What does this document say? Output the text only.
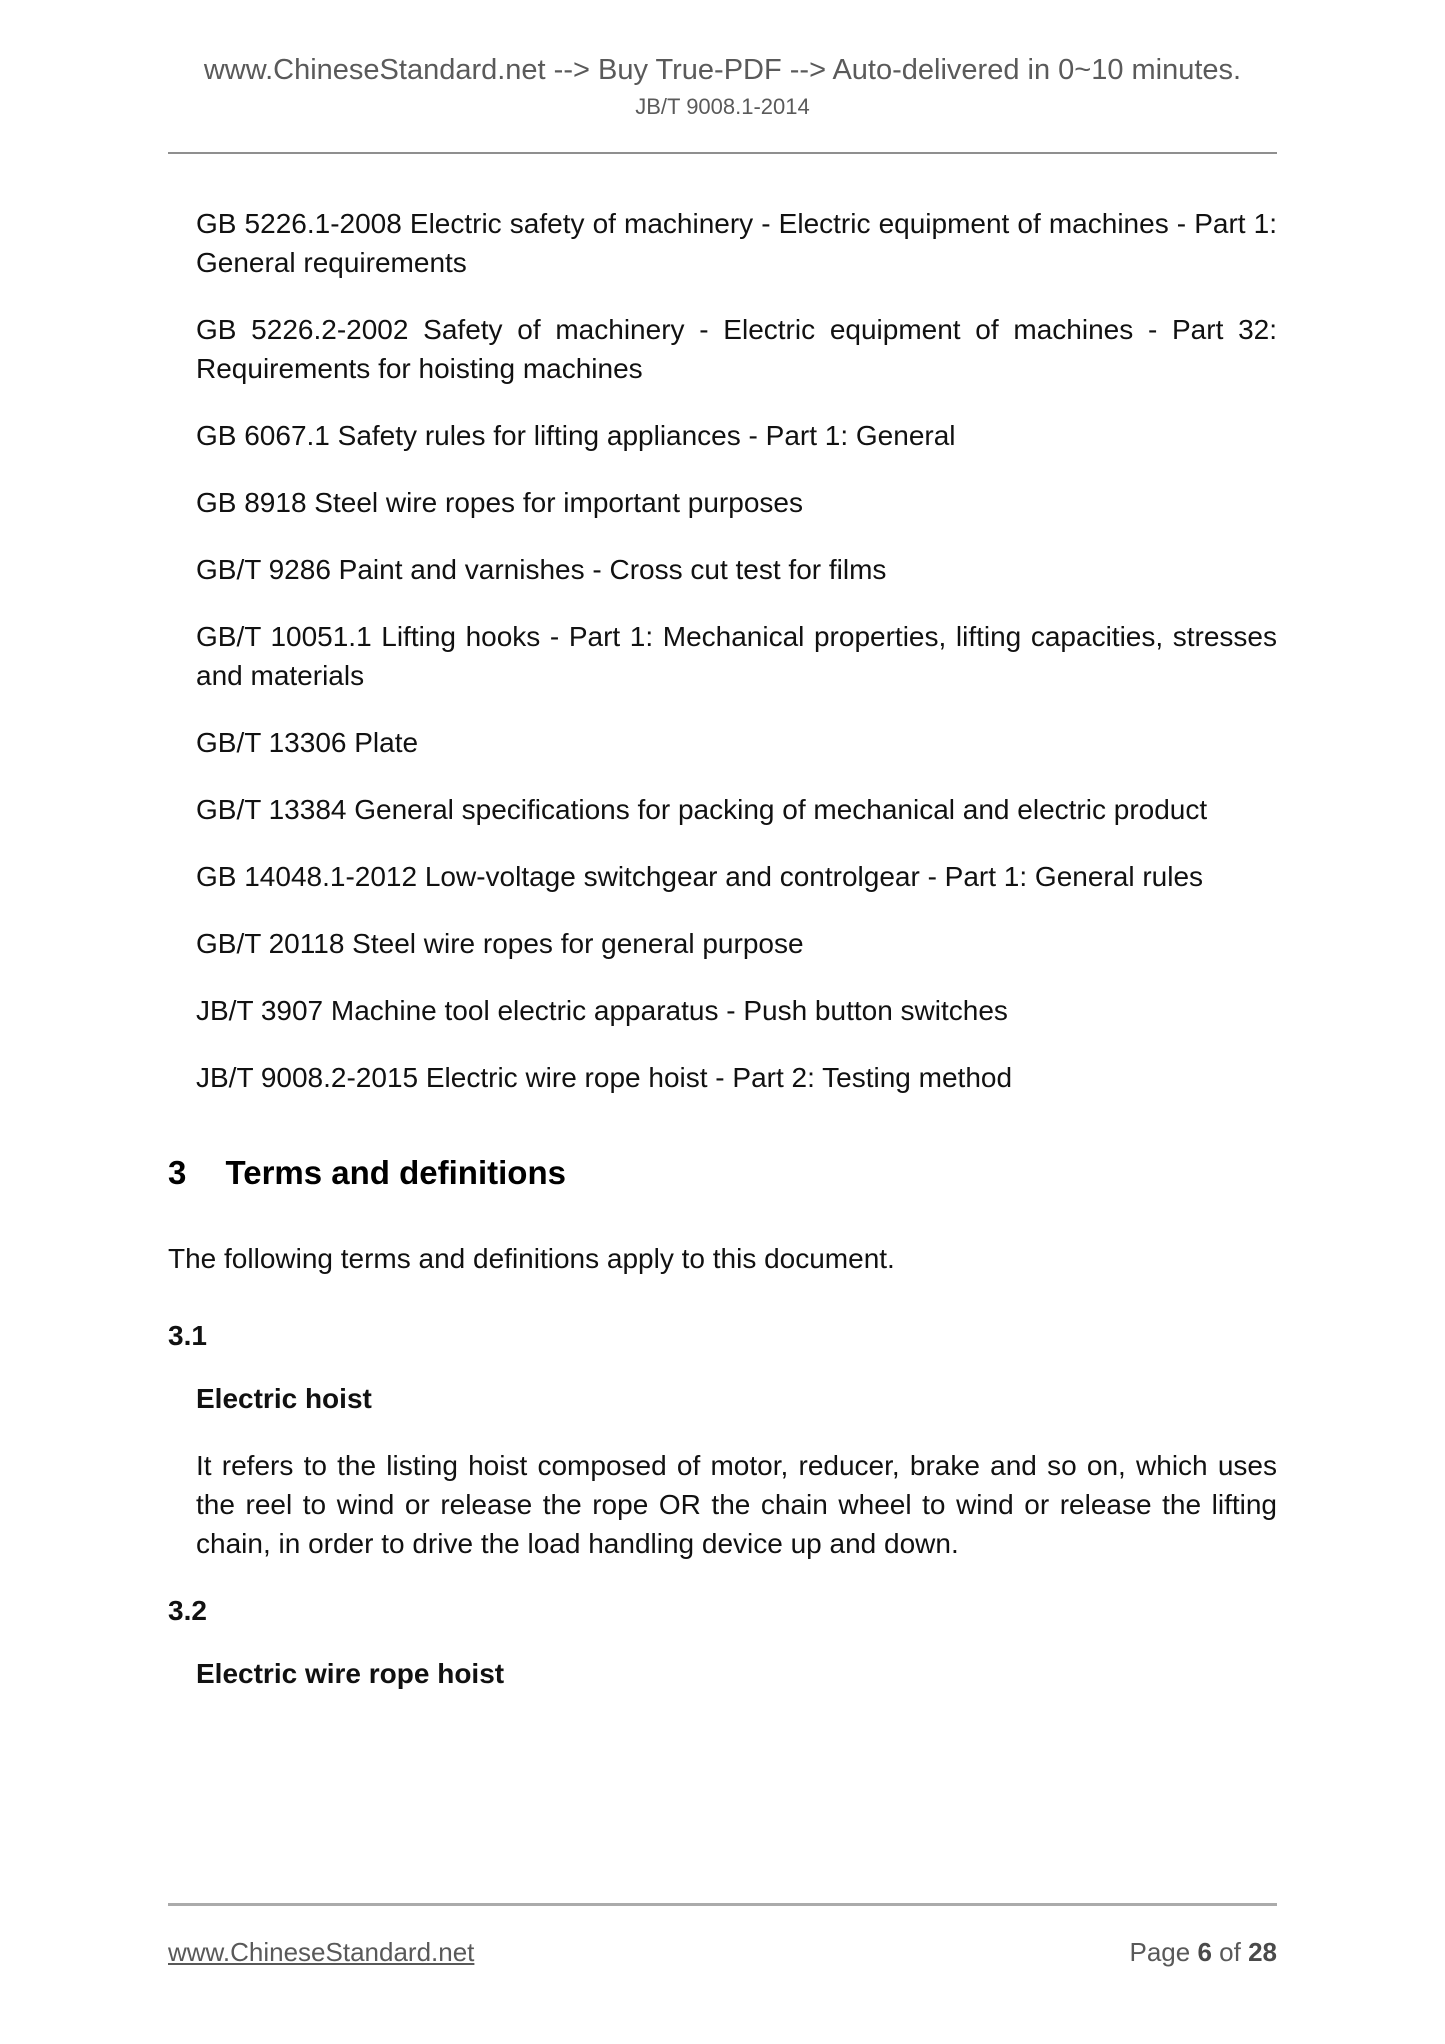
www.ChineseStandard.net --> Buy True-PDF --> Auto-delivered in 0~10 minutes.
JB/T 9008.1-2014

GB 5226.1-2008 Electric safety of machinery - Electric equipment of machines - Part 1: General requirements

GB 5226.2-2002 Safety of machinery - Electric equipment of machines - Part 32: Requirements for hoisting machines

GB 6067.1 Safety rules for lifting appliances - Part 1: General

GB 8918 Steel wire ropes for important purposes

GB/T 9286 Paint and varnishes - Cross cut test for films

GB/T 10051.1 Lifting hooks - Part 1: Mechanical properties, lifting capacities, stresses and materials

GB/T 13306 Plate

GB/T 13384 General specifications for packing of mechanical and electric product

GB 14048.1-2012 Low-voltage switchgear and controlgear - Part 1: General rules

GB/T 20118 Steel wire ropes for general purpose

JB/T 3907 Machine tool electric apparatus - Push button switches

JB/T 9008.2-2015 Electric wire rope hoist - Part 2: Testing method

3 Terms and definitions

The following terms and definitions apply to this document.

3.1

Electric hoist

It refers to the listing hoist composed of motor, reducer, brake and so on, which uses the reel to wind or release the rope OR the chain wheel to wind or release the lifting chain, in order to drive the load handling device up and down.

3.2

Electric wire rope hoist

www.ChineseStandard.net	Page 6 of 28
